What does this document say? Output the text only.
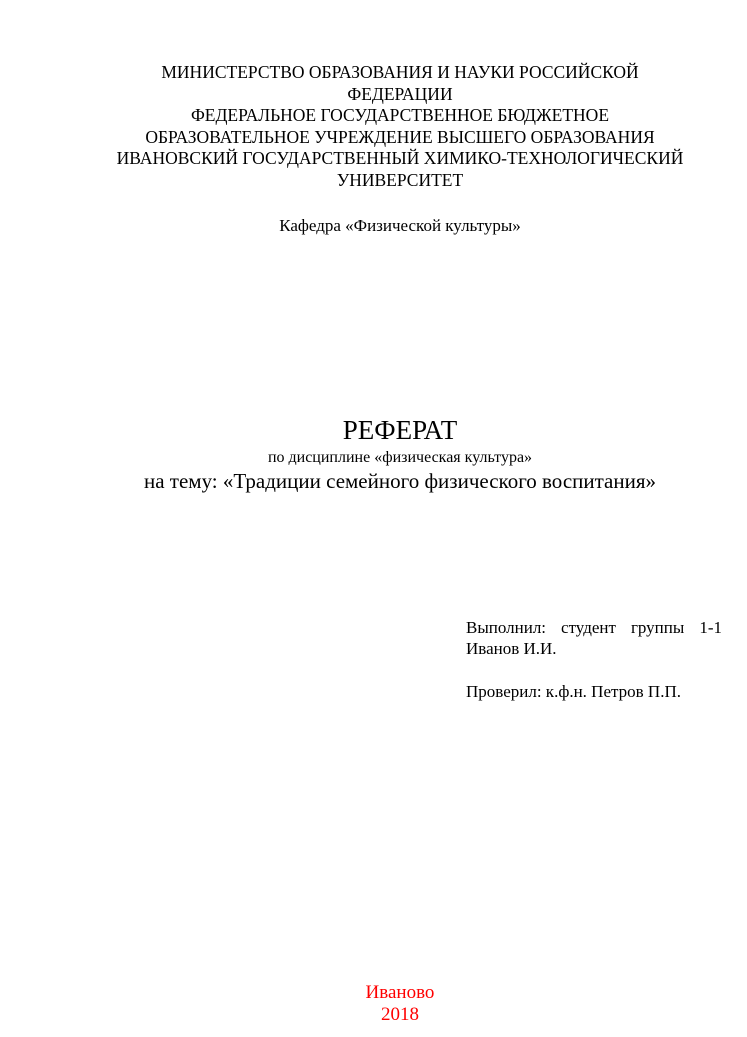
МИНИСТЕРСТВО ОБРАЗОВАНИЯ И НАУКИ РОССИЙСКОЙ
ФЕДЕРАЦИИ
ФЕДЕРАЛЬНОЕ ГОСУДАРСТВЕННОЕ БЮДЖЕТНОЕ
ОБРАЗОВАТЕЛЬНОЕ УЧРЕЖДЕНИЕ ВЫСШЕГО ОБРАЗОВАНИЯ
ИВАНОВСКИЙ ГОСУДАРСТВЕННЫЙ ХИМИКО-ТЕХНОЛОГИЧЕСКИЙ
УНИВЕРСИТЕТ
Кафедра «Физической культуры»
РЕФЕРАТ
по дисциплине «физическая культура»
на тему: «Традиции семейного физического воспитания»
Выполнил: студент группы 1-1
Иванов И.И.
Проверил: к.ф.н. Петров П.П.
Иваново
2018
